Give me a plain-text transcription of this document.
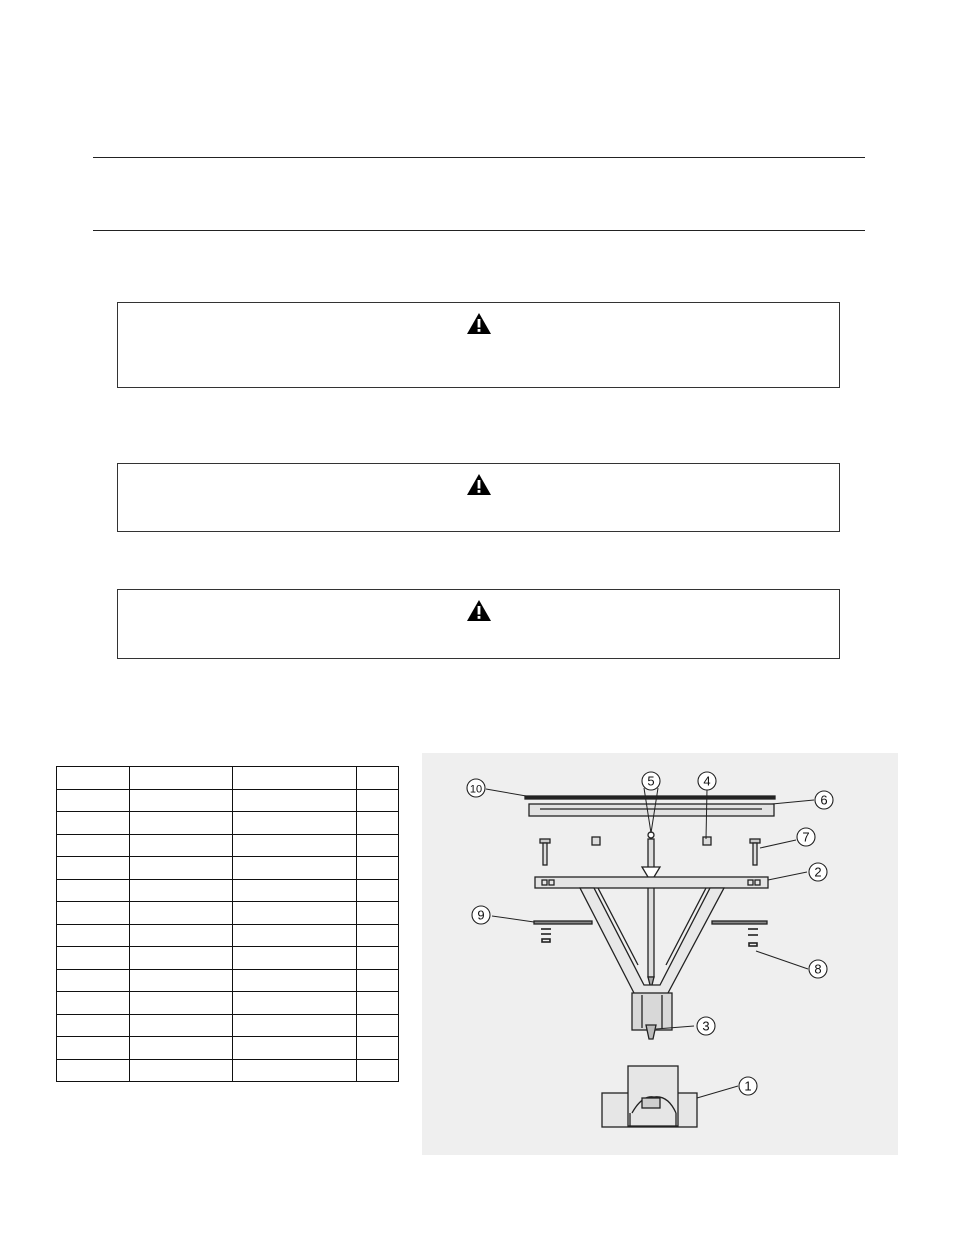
10
5	4
6
7
2
9
8
3
1
